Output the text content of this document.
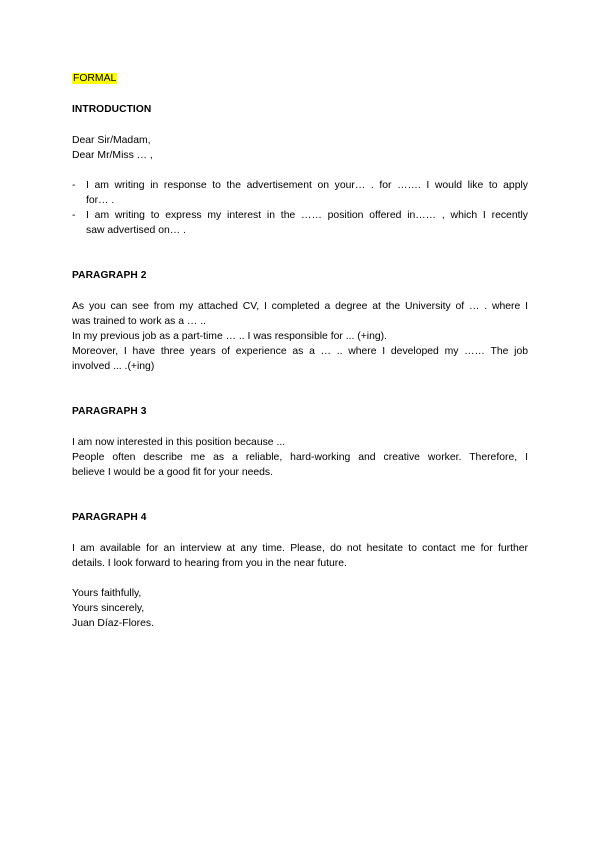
FORMAL
INTRODUCTION
Dear Sir/Madam,
Dear Mr/Miss … ,
- I am writing in response to the advertisement on your… . for ……. I would like to apply
for… .
- I am writing to express my interest in the …… position offered in…… , which I recently
saw advertised on… .
PARAGRAPH 2
As you can see from my attached CV, I completed a degree at the University of … . where I
was trained to work as a … ..
In my previous job as a part-time … .. I was responsible for ... (+ing).
Moreover, I have three years of experience as a … .. where I developed my …… The job
involved ... .(+ing)
PARAGRAPH 3
I am now interested in this position because ...
People often describe me as a reliable, hard-working and creative worker. Therefore, I
believe I would be a good fit for your needs.
PARAGRAPH 4
I am available for an interview at any time. Please, do not hesitate to contact me for further
details. I look forward to hearing from you in the near future.
Yours faithfully,
Yours sincerely,
Juan Díaz-Flores.
